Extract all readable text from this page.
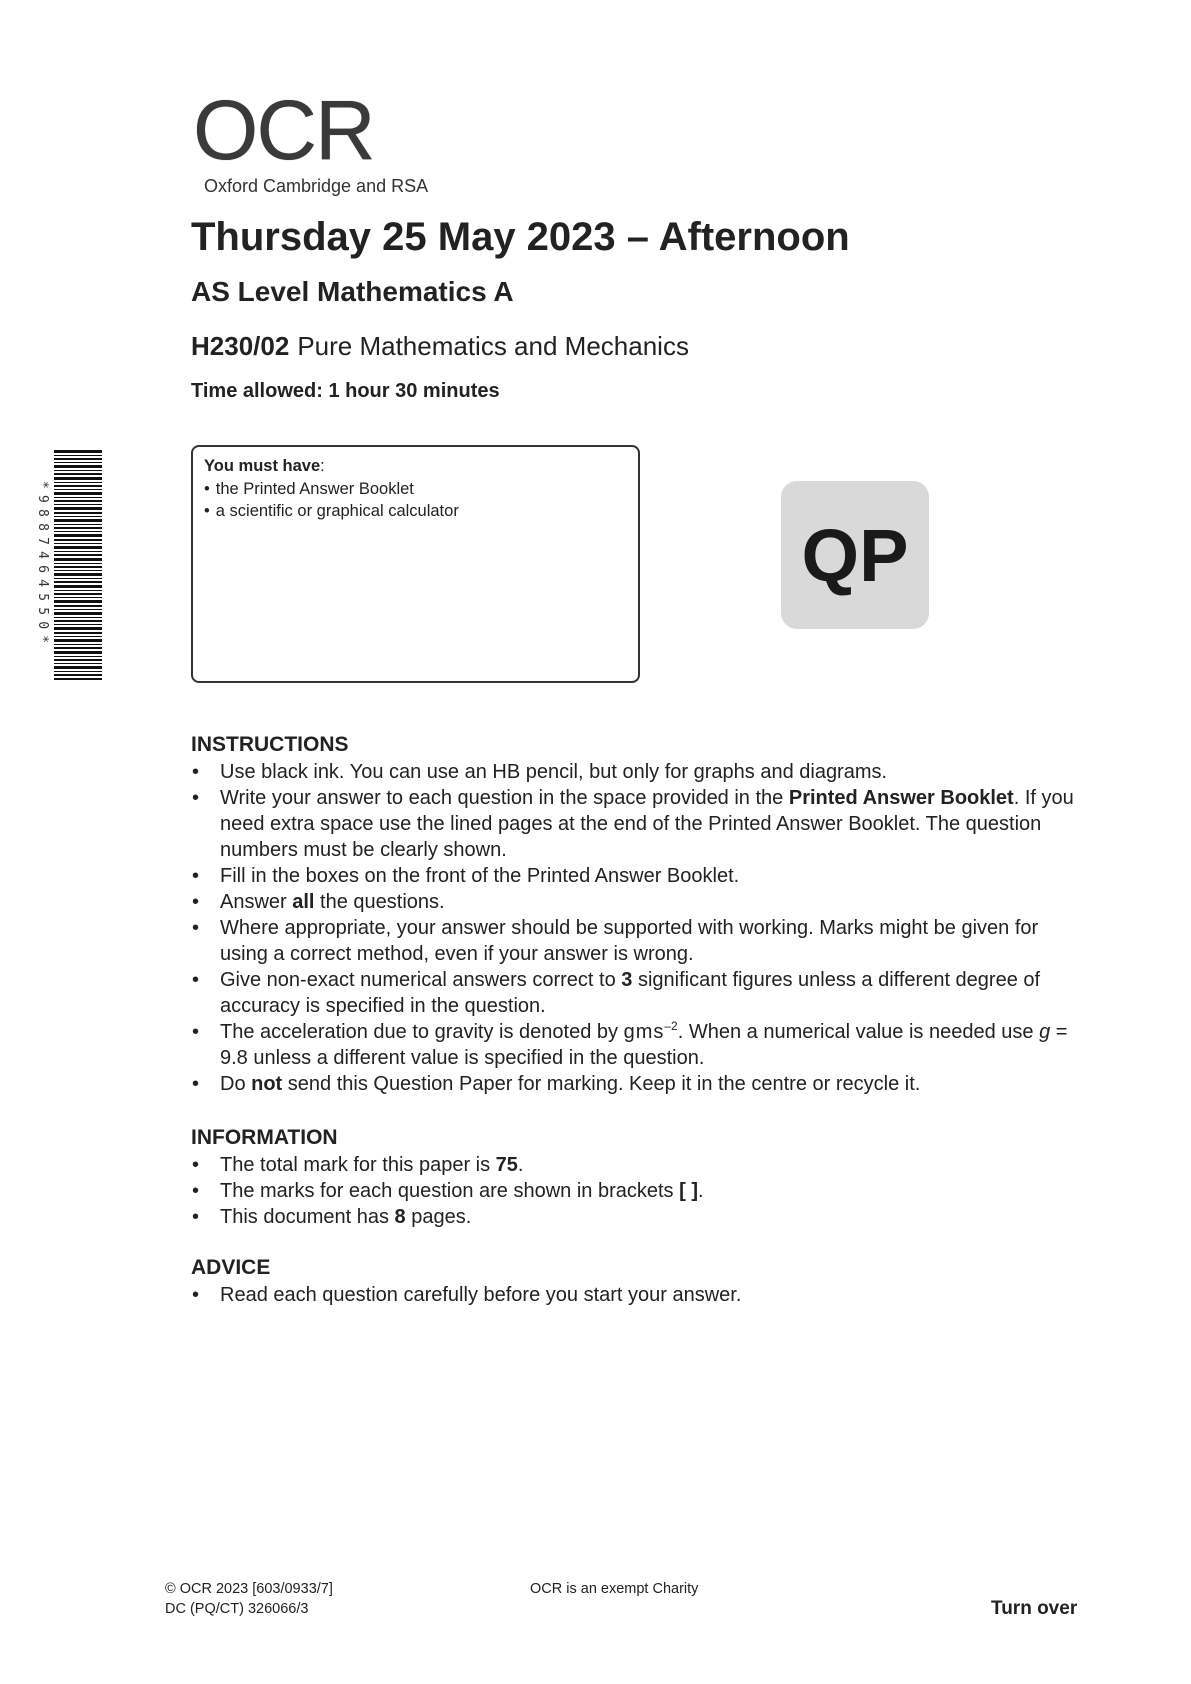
OCR
Oxford Cambridge and RSA
Thursday 25 May 2023 – Afternoon
AS Level Mathematics A
H230/02 Pure Mathematics and Mechanics
Time allowed: 1 hour 30 minutes
*9887464550*
You must have:
• the Printed Answer Booklet
• a scientific or graphical calculator
QP
INSTRUCTIONS
• Use black ink. You can use an HB pencil, but only for graphs and diagrams.
• Write your answer to each question in the space provided in the Printed Answer Booklet. If you need extra space use the lined pages at the end of the Printed Answer Booklet. The question numbers must be clearly shown.
• Fill in the boxes on the front of the Printed Answer Booklet.
• Answer all the questions.
• Where appropriate, your answer should be supported with working. Marks might be given for using a correct method, even if your answer is wrong.
• Give non-exact numerical answers correct to 3 significant figures unless a different degree of accuracy is specified in the question.
• The acceleration due to gravity is denoted by gms$^{-2}$. When a numerical value is needed use g = 9.8 unless a different value is specified in the question.
• Do not send this Question Paper for marking. Keep it in the centre or recycle it.
INFORMATION
• The total mark for this paper is 75.
• The marks for each question are shown in brackets [ ].
• This document has 8 pages.
ADVICE
• Read each question carefully before you start your answer.
© OCR 2023 [603/0933/7]
DC (PQ/CT) 326066/3
OCR is an exempt Charity
Turn over
